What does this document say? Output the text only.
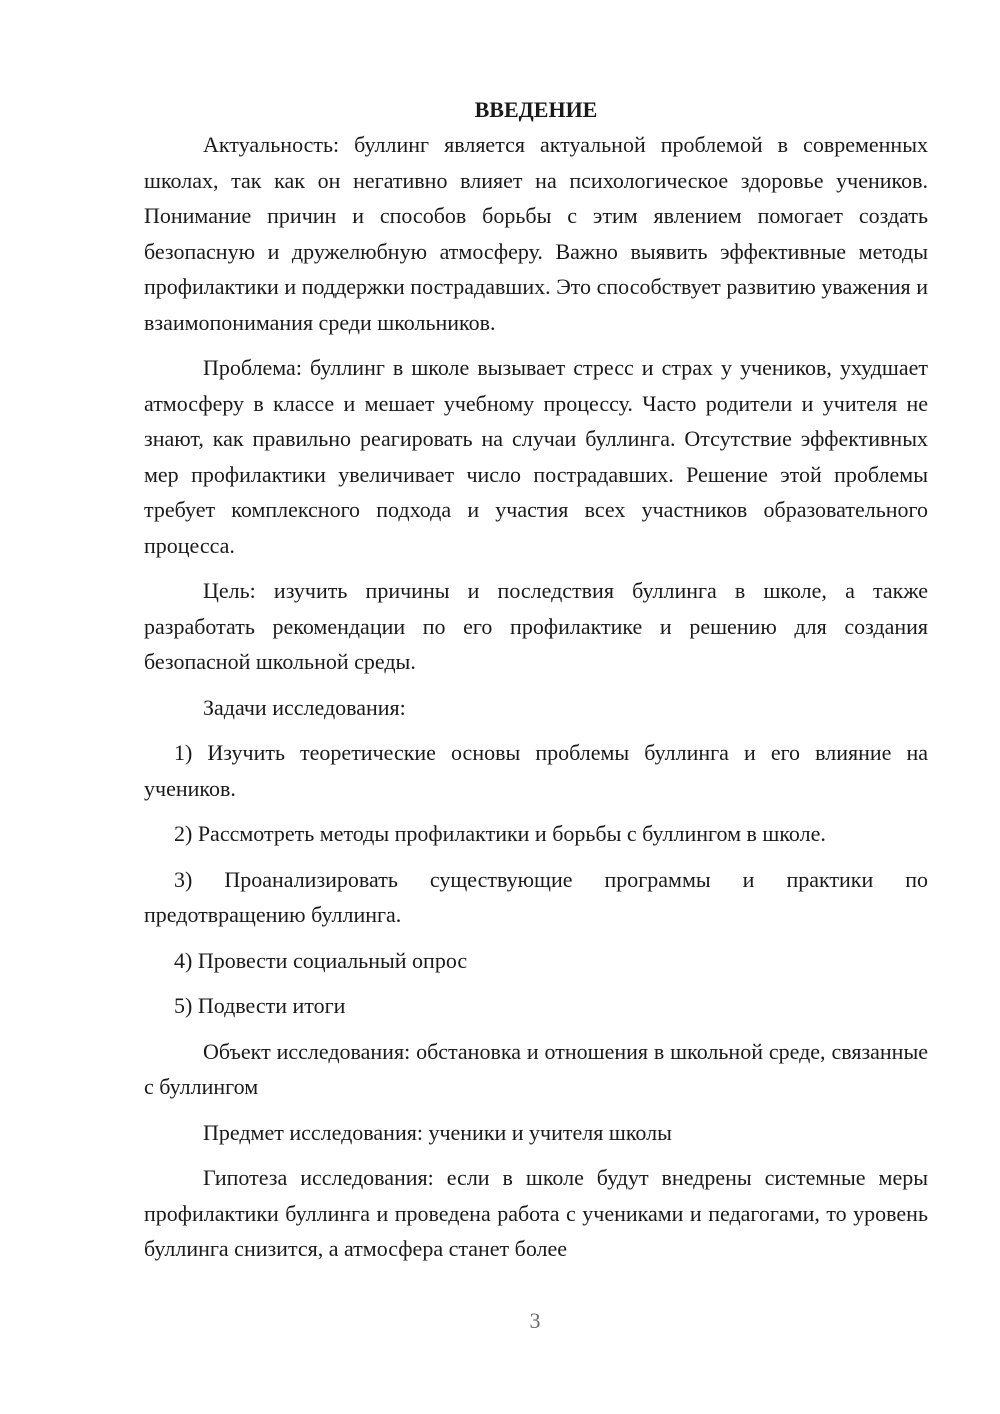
ВВЕДЕНИЕ

Актуальность: буллинг является актуальной проблемой в современных школах, так как он негативно влияет на психологическое здоровье учеников. Понимание причин и способов борьбы с этим явлением помогает создать безопасную и дружелюбную атмосферу. Важно выявить эффективные методы профилактики и поддержки пострадавших. Это способствует развитию уважения и взаимопонимания среди школьников.

Проблема: буллинг в школе вызывает стресс и страх у учеников, ухудшает атмосферу в классе и мешает учебному процессу. Часто родители и учителя не знают, как правильно реагировать на случаи буллинга. Отсутствие эффективных мер профилактики увеличивает число пострадавших. Решение этой проблемы требует комплексного подхода и участия всех участников образовательного процесса.

Цель: изучить причины и последствия буллинга в школе, а также разработать рекомендации по его профилактике и решению для создания безопасной школьной среды.

Задачи исследования:

1) Изучить теоретические основы проблемы буллинга и его влияние на учеников.

2) Рассмотреть методы профилактики и борьбы с буллингом в школе.

3) Проанализировать существующие программы и практики по предотвращению буллинга.

4) Провести социальный опрос

5) Подвести итоги

Объект исследования: обстановка и отношения в школьной среде, связанные с буллингом

Предмет исследования: ученики и учителя школы

Гипотеза исследования: если в школе будут внедрены системные меры профилактики буллинга и проведена работа с учениками и педагогами, то уровень буллинга снизится, а атмосфера станет более

3
